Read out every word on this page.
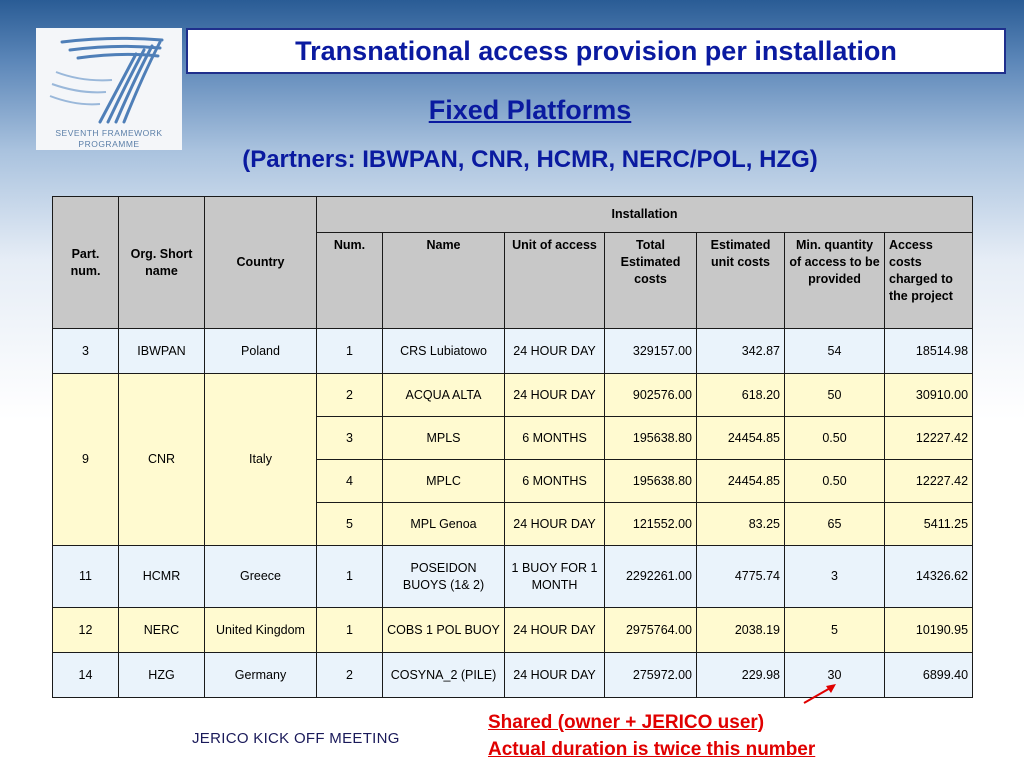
SEVENTH FRAMEWORK
PROGRAMME
Transnational access provision per installation
Fixed Platforms
(Partners: IBWPAN, CNR, HCMR, NERC/POL, HZG)
Part. num.	Org. Short name	Country	Installation						
			Num.	Name	Unit of access	Total Estimated costs	Estimated unit costs	Min. quantity of access to be provided	Access costs charged to the project
3	IBWPAN	Poland	1	CRS Lubiatowo	24 HOUR DAY	329157.00	342.87	54	18514.98
9	CNR	Italy	2	ACQUA ALTA	24 HOUR DAY	902576.00	618.20	50	30910.00
			3	MPLS	6 MONTHS	195638.80	24454.85	0.50	12227.42
			4	MPLC	6 MONTHS	195638.80	24454.85	0.50	12227.42
			5	MPL Genoa	24 HOUR DAY	121552.00	83.25	65	5411.25
11	HCMR	Greece	1	POSEIDON BUOYS (1& 2)	1 BUOY FOR 1 MONTH	2292261.00	4775.74	3	14326.62
12	NERC	United Kingdom	1	COBS 1 POL BUOY	24 HOUR DAY	2975764.00	2038.19	5	10190.95
14	HZG	Germany	2	COSYNA_2 (PILE)	24 HOUR DAY	275972.00	229.98	30	6899.40
JERICO KICK OFF MEETING
Shared (owner + JERICO user)
Actual duration is twice this number
